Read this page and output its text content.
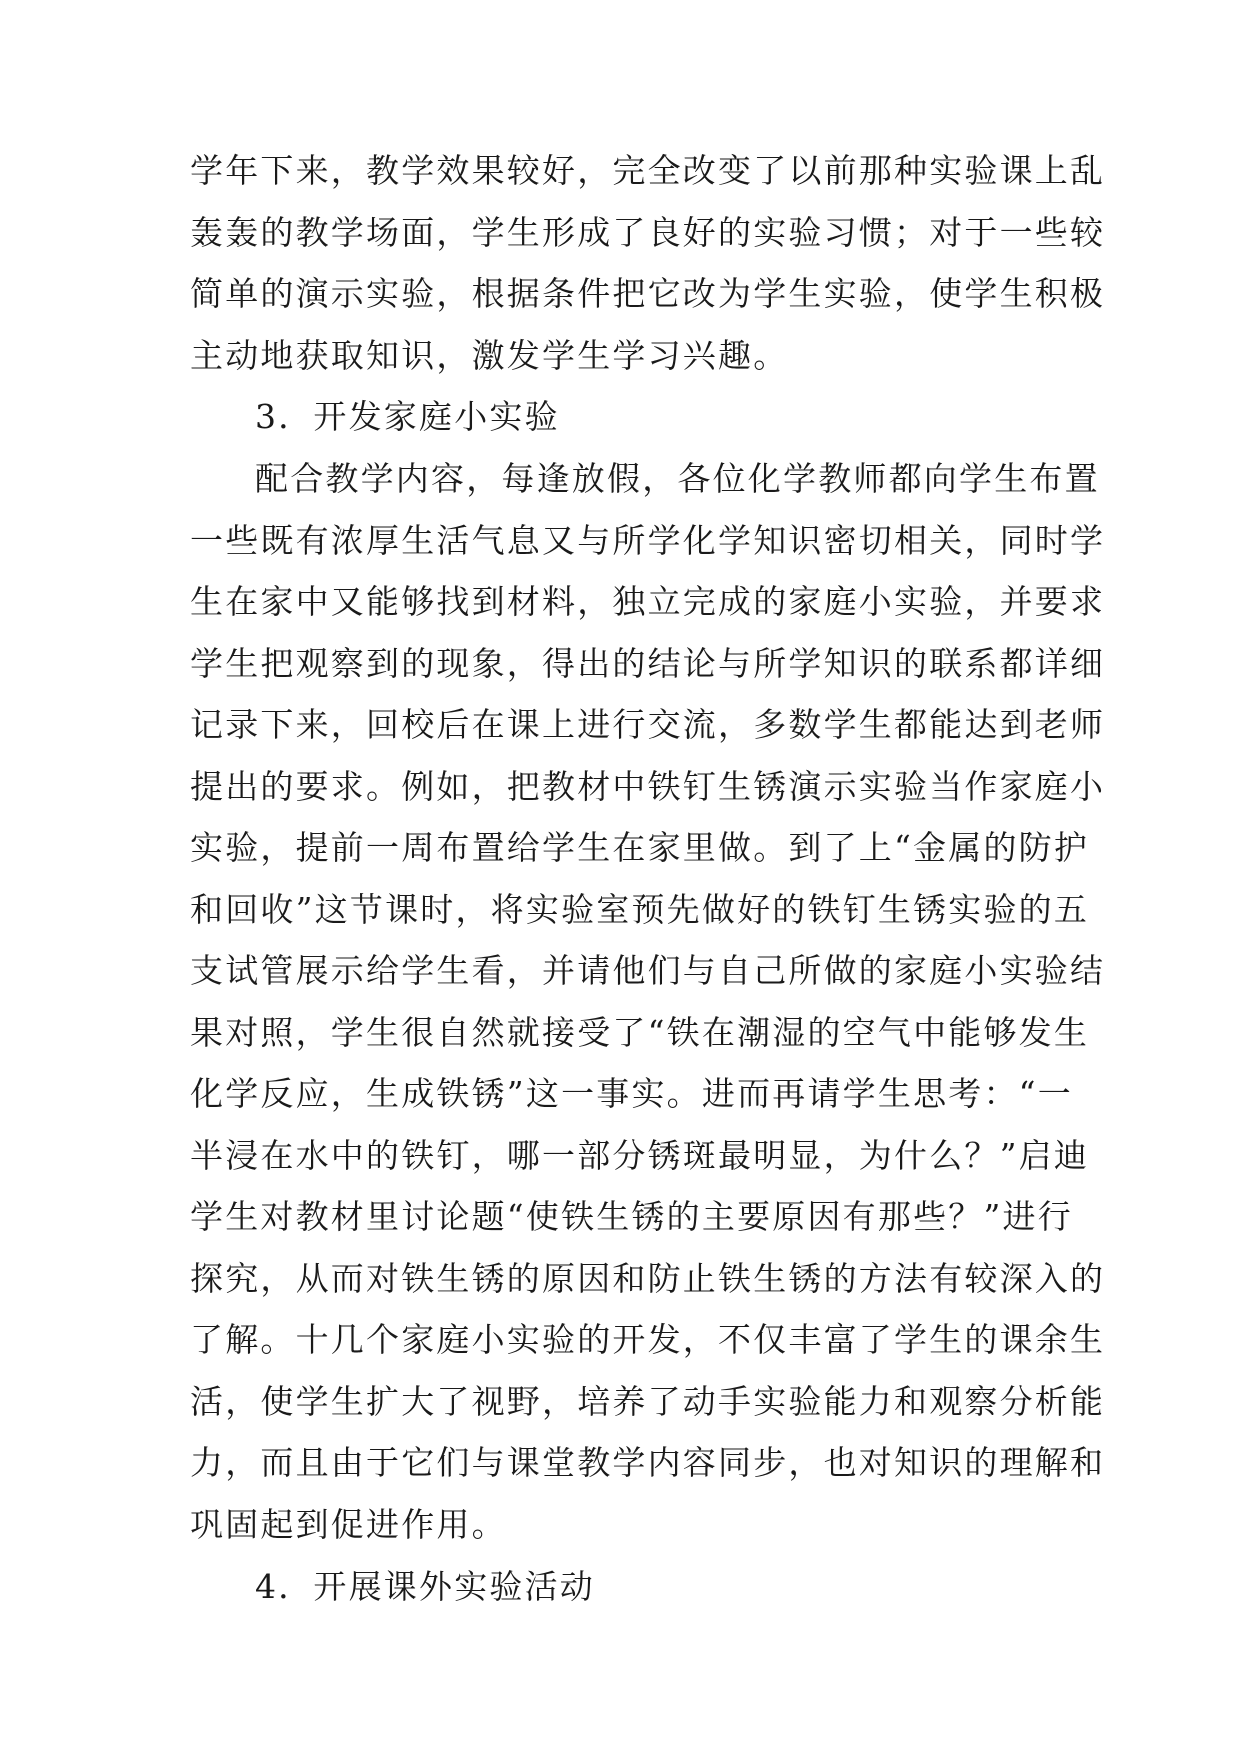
学年下来，教学效果较好，完全改变了以前那种实验课上乱
轰轰的教学场面，学生形成了良好的实验习惯；对于一些较
简单的演示实验，根据条件把它改为学生实验，使学生积极
主动地获取知识，激发学生学习兴趣。
3．开发家庭小实验
配合教学内容，每逢放假，各位化学教师都向学生布置
一些既有浓厚生活气息又与所学化学知识密切相关，同时学
生在家中又能够找到材料，独立完成的家庭小实验，并要求
学生把观察到的现象，得出的结论与所学知识的联系都详细
记录下来，回校后在课上进行交流，多数学生都能达到老师
提出的要求。例如，把教材中铁钉生锈演示实验当作家庭小
实验，提前一周布置给学生在家里做。到了上“金属的防护
和回收”这节课时，将实验室预先做好的铁钉生锈实验的五
支试管展示给学生看，并请他们与自己所做的家庭小实验结
果对照，学生很自然就接受了“铁在潮湿的空气中能够发生
化学反应，生成铁锈”这一事实。进而再请学生思考：“一
半浸在水中的铁钉，哪一部分锈斑最明显，为什么？”启迪
学生对教材里讨论题“使铁生锈的主要原因有那些？”进行
探究，从而对铁生锈的原因和防止铁生锈的方法有较深入的
了解。十几个家庭小实验的开发，不仅丰富了学生的课余生
活，使学生扩大了视野，培养了动手实验能力和观察分析能
力，而且由于它们与课堂教学内容同步，也对知识的理解和
巩固起到促进作用。
4．开展课外实验活动
